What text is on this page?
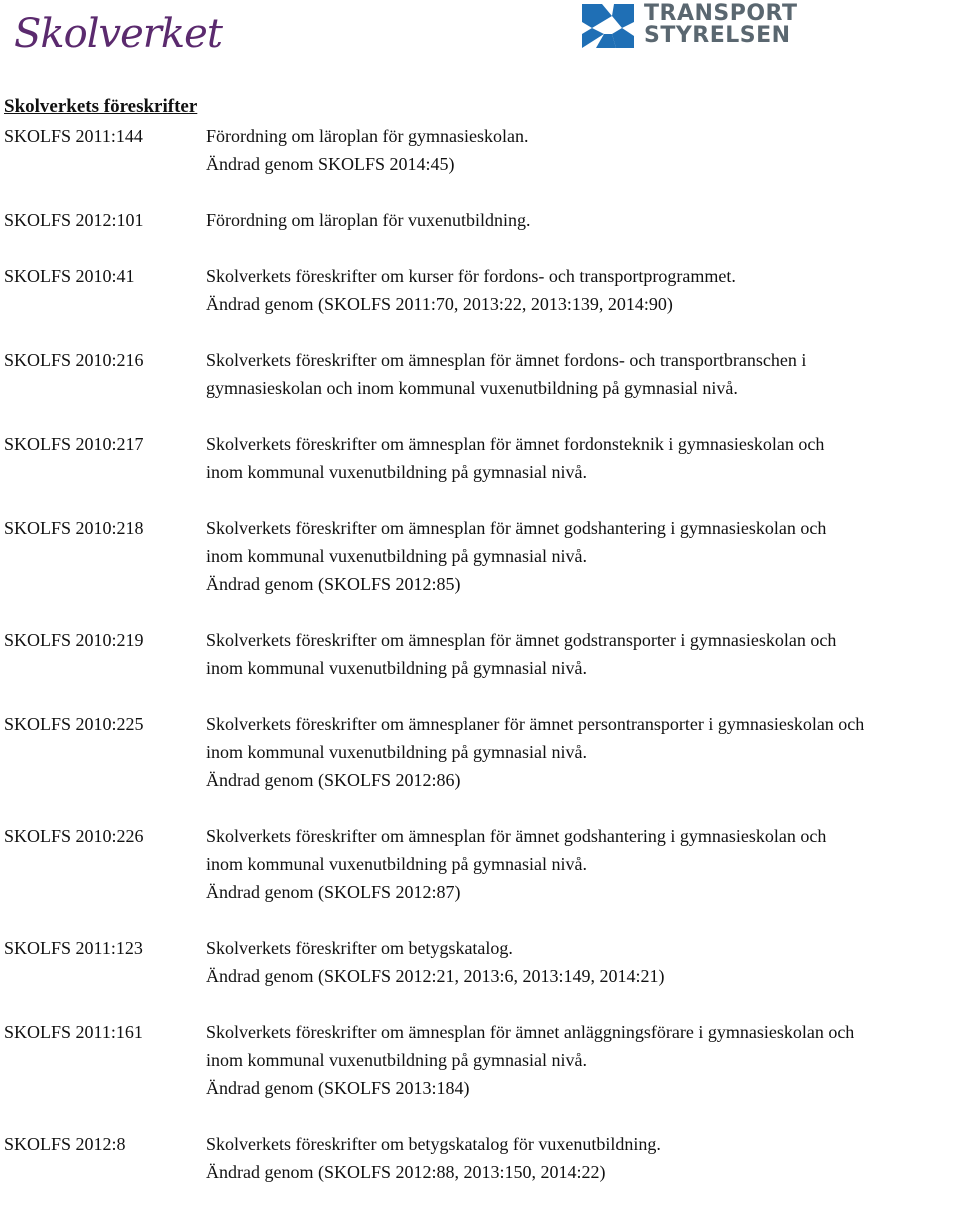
Skolverket	TRANSPORT
STYRELSEN
Skolverkets föreskrifter
SKOLFS 2011:144	Förordning om läroplan för gymnasieskolan.
Ändrad genom SKOLFS 2014:45)
SKOLFS 2012:101	Förordning om läroplan för vuxenutbildning.
SKOLFS 2010:41	Skolverkets föreskrifter om kurser för fordons- och transportprogrammet.
Ändrad genom (SKOLFS 2011:70, 2013:22, 2013:139, 2014:90)
SKOLFS 2010:216	Skolverkets föreskrifter om ämnesplan för ämnet fordons- och transportbranschen i
gymnasieskolan och inom kommunal vuxenutbildning på gymnasial nivå.
SKOLFS 2010:217	Skolverkets föreskrifter om ämnesplan för ämnet fordonsteknik i gymnasieskolan och
inom kommunal vuxenutbildning på gymnasial nivå.
SKOLFS 2010:218	Skolverkets föreskrifter om ämnesplan för ämnet godshantering i gymnasieskolan och
inom kommunal vuxenutbildning på gymnasial nivå.
Ändrad genom (SKOLFS 2012:85)
SKOLFS 2010:219	Skolverkets föreskrifter om ämnesplan för ämnet godstransporter i gymnasieskolan och
inom kommunal vuxenutbildning på gymnasial nivå.
SKOLFS 2010:225	Skolverkets föreskrifter om ämnesplaner för ämnet persontransporter i gymnasieskolan och
inom kommunal vuxenutbildning på gymnasial nivå.
Ändrad genom (SKOLFS 2012:86)
SKOLFS 2010:226	Skolverkets föreskrifter om ämnesplan för ämnet godshantering i gymnasieskolan och
inom kommunal vuxenutbildning på gymnasial nivå.
Ändrad genom (SKOLFS 2012:87)
SKOLFS 2011:123	Skolverkets föreskrifter om betygskatalog.
Ändrad genom (SKOLFS 2012:21, 2013:6, 2013:149, 2014:21)
SKOLFS 2011:161	Skolverkets föreskrifter om ämnesplan för ämnet anläggningsförare i gymnasieskolan och
inom kommunal vuxenutbildning på gymnasial nivå.
Ändrad genom (SKOLFS 2013:184)
SKOLFS 2012:8	Skolverkets föreskrifter om betygskatalog för vuxenutbildning.
Ändrad genom (SKOLFS 2012:88, 2013:150, 2014:22)
